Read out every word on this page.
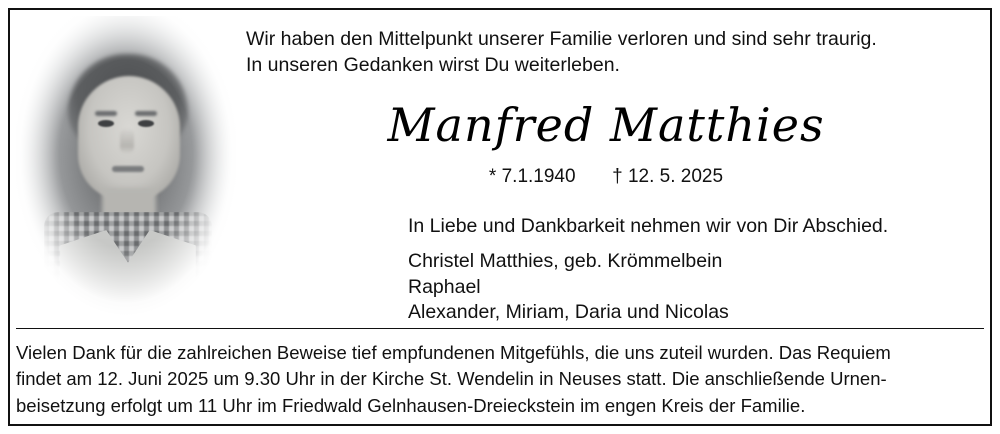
Wir haben den Mittelpunkt unserer Familie verloren und sind sehr traurig.
In unseren Gedanken wirst Du weiterleben.
Manfred Matthies
* 7.1.1940 † 12. 5. 2025
In Liebe und Dankbarkeit nehmen wir von Dir Abschied.
Christel Matthies, geb. Krömmelbein
Raphael
Alexander, Miriam, Daria und Nicolas
Vielen Dank für die zahlreichen Beweise tief empfundenen Mitgefühls, die uns zuteil wurden. Das Requiem
findet am 12. Juni 2025 um 9.30 Uhr in der Kirche St. Wendelin in Neuses statt. Die anschließende Urnen-
beisetzung erfolgt um 11 Uhr im Friedwald Gelnhausen-Dreieckstein im engen Kreis der Familie.
